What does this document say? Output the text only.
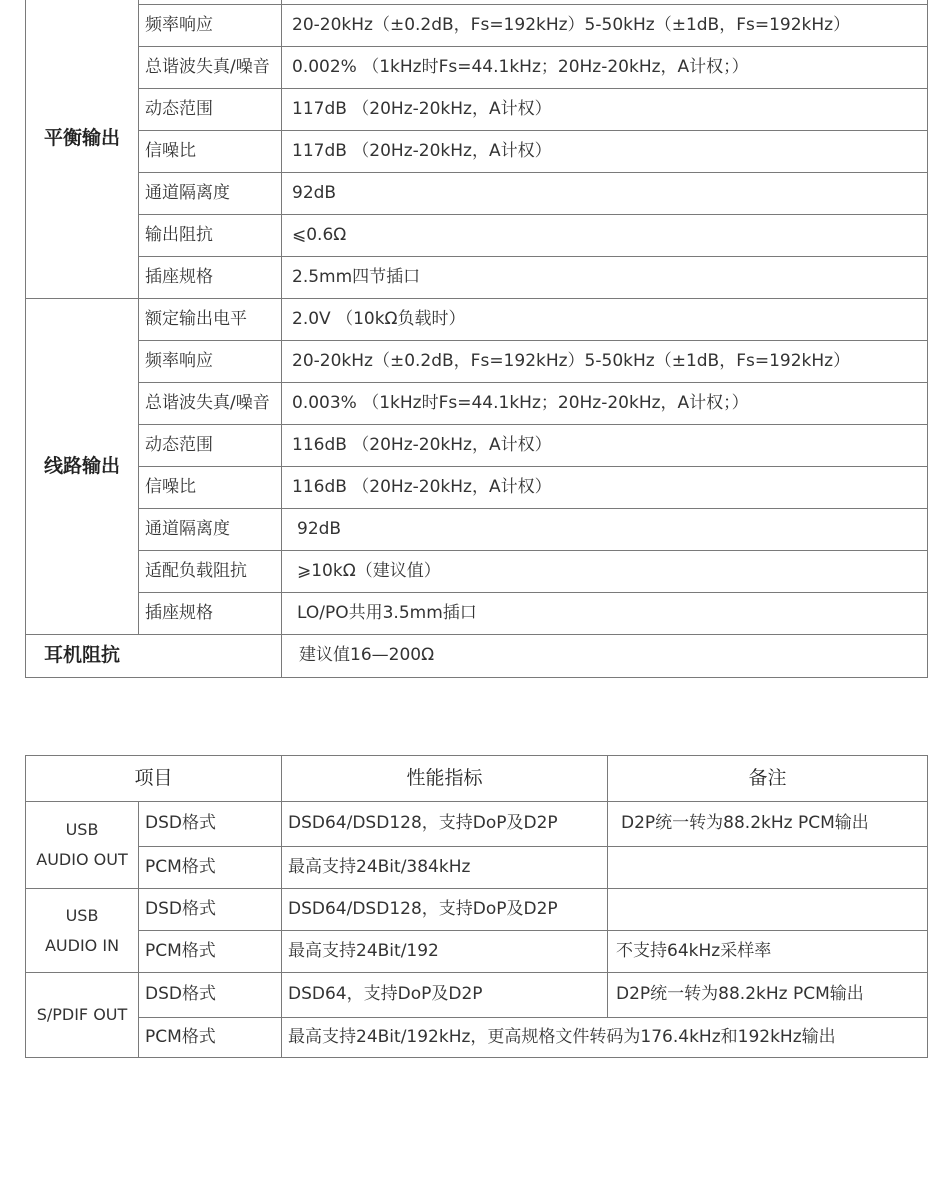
平衡输出		
	频率响应	20-20kHz（±0.2dB，Fs=192kHz）5-50kHz（±1dB，Fs=192kHz）
	总谐波失真/噪音	0.002% （1kHz时Fs=44.1kHz；20Hz-20kHz，A计权；）
	动态范围	117dB （20Hz-20kHz，A计权）
	信噪比	117dB （20Hz-20kHz，A计权）
	通道隔离度	92dB
	输出阻抗	⩽0.6Ω
	插座规格	2.5mm四节插口
线路输出	额定输出电平	2.0V （10kΩ负载时）
	频率响应	20-20kHz（±0.2dB，Fs=192kHz）5-50kHz（±1dB，Fs=192kHz）
	总谐波失真/噪音	0.003% （1kHz时Fs=44.1kHz；20Hz-20kHz，A计权；）
	动态范围	116dB （20Hz-20kHz，A计权）
	信噪比	116dB （20Hz-20kHz，A计权）
	通道隔离度	92dB
	适配负载阻抗	⩾10kΩ（建议值）
	插座规格	LO/PO共用3.5mm插口
耳机阻抗		建议值16—200Ω
项目		性能指标	备注
USB
AUDIO OUT	DSD格式	DSD64/DSD128，支持DoP及D2P	D2P统一转为88.2kHz PCM输出
	PCM格式	最高支持24Bit/384kHz	
USB
AUDIO IN	DSD格式	DSD64/DSD128，支持DoP及D2P	
	PCM格式	最高支持24Bit/192	不支持64kHz采样率
S/PDIF OUT	DSD格式	DSD64，支持DoP及D2P	D2P统一转为88.2kHz PCM输出
	PCM格式	最高支持24Bit/192kHz，更高规格文件转码为176.4kHz和192kHz输出	
